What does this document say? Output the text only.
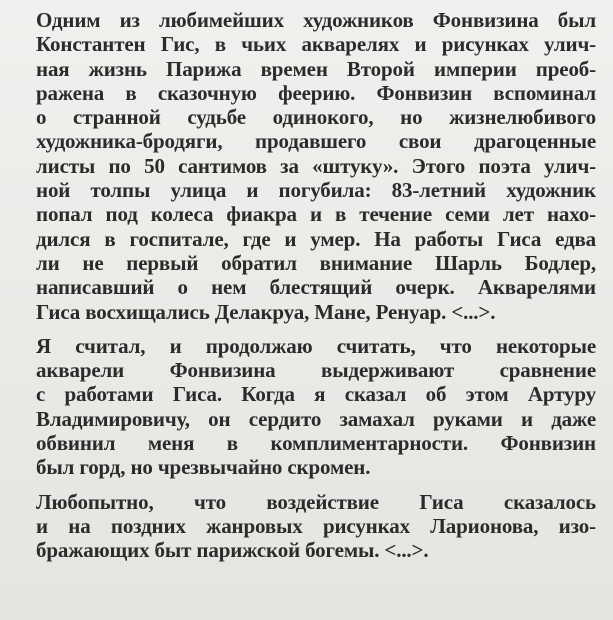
Одним из любимейших художников Фонвизина был
Константен Гис, в чьих акварелях и рисунках улич-
ная жизнь Парижа времен Второй империи преоб-
ражена в сказочную феерию. Фонвизин вспоминал
о странной судьбе одинокого, но жизнелюбивого
художника-бродяги, продавшего свои драгоценные
листы по 50 сантимов за «штуку». Этого поэта улич-
ной толпы улица и погубила: 83-летний художник
попал под колеса фиакра и в течение семи лет нахо-
дился в госпитале, где и умер. На работы Гиса едва
ли не первый обратил внимание Шарль Бодлер,
написавший о нем блестящий очерк. Акварелями
Гиса восхищались Делакруа, Мане, Ренуар. <...>.
Я считал, и продолжаю считать, что некоторые
акварели Фонвизина выдерживают сравнение
с работами Гиса. Когда я сказал об этом Артуру
Владимировичу, он сердито замахал руками и даже
обвинил меня в комплиментарности. Фонвизин
был горд, но чрезвычайно скромен.
Любопытно, что воздействие Гиса сказалось
и на поздних жанровых рисунках Ларионова, изо-
бражающих быт парижской богемы. <...>.
